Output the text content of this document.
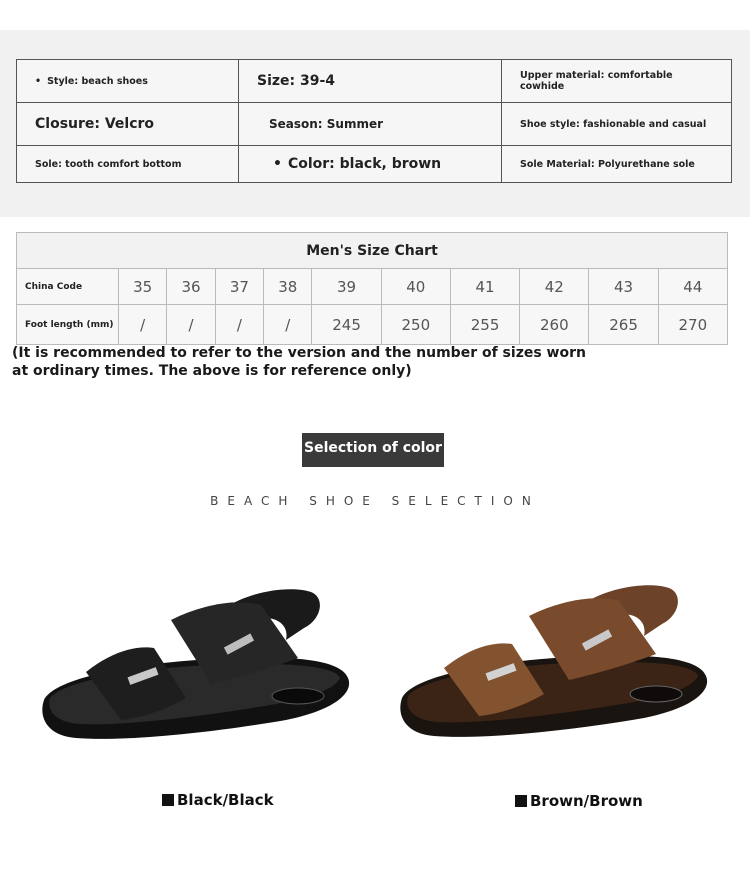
• Style: beach shoes	Size: 39-4	Upper material: comfortable cowhide
Closure: Velcro	Season: Summer	Shoe style: fashionable and casual
Sole: tooth comfort bottom	• Color: black, brown	Sole Material: Polyurethane sole
Men's Size Chart										
China Code	35	36	37	38	39	40	41	42	43	44
Foot length (mm)	/	/	/	/	245	250	255	260	265	270
(It is recommended to refer to the version and the number of sizes worn at ordinary times. The above is for reference only)
Selection of color
BEACH SHOE SELECTION
Black/Black	Brown/Brown
